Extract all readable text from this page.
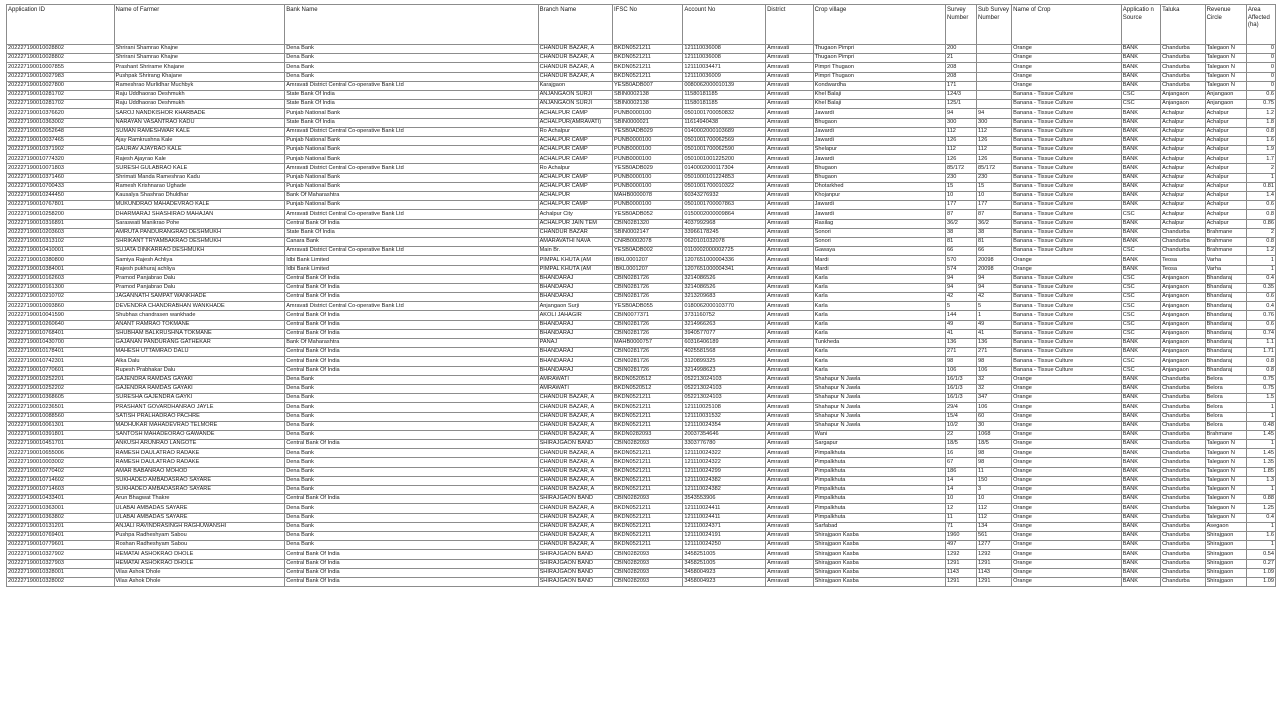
Application ID	Name of Farmer	Bank Name	Branch Name	IFSC No	Account No	District	Crop village	Survey Number	Sub Survey Number	Name of Crop	Applicatio n Source	Taluka	Revenue Circle	Area Affected (ha)
202227190010028802	Shrirani Shamrao Khajne	Dena Bank	CHANDUR BAZAR, A	BKDN0521211	121110036008	Amravati	Thugaon Pimpri	200		Orange	BANK	Chandurba	Talegaon N	0
202227190010028802	Shrirani Shamrao Khajne	Dena Bank	CHANDUR BAZAR, A	BKDN0521211	121110036008	Amravati	Thugaon Pimpri	21		Orange	BANK	Chandurba	Talegaon N	0
202227190010007855	Prashant Shrirame Khajane	Dena Bank	CHANDUR BAZAR, A	BKDN0521211	121110034471	Amravati	Pimpri Thugaon	208		Orange	BANK	Chandurba	Talegaon N	0
202227190010027983	Pushpak Shrirang Khajane	Dena Bank	CHANDUR BAZAR, A	BKDN0521211	121110036009	Amravati	Pimpri Thugaon	208		Orange	BANK	Chandurba	Talegaon N	0
202227190010027800	Rameshrao Murlidhar Muchbyk	Amravati District Central Co-operative Bank Ltd	Karajgaon	YESB0ADB007	0080062000010139	Amravati	Kondwardha	171		Orange	BANK	Chandurba	Talegaon N	0
202227190010281702	Raju Uddhaorao Deshmukh	State Bank Of India	ANJANGAON SURJI	SBIN0002138	11580181185	Amravati	Khel Balaji	124/3		Banana - Tissue Culture	CSC	Anjangaon	Anjangaon	0.6
202227190010281702	Raju Uddhaorao Deshmukh	State Bank Of India	ANJANGAON SURJI	SBIN0002138	11580181185	Amravati	Khel Balaji	125/1		Banana - Tissue Culture	CSC	Anjangaon	Anjangaon	0.75
202227190010376620	SAROJ NANDKISHOR KHARBADE	Punjab National Bank	ACHALPUR CAMP	PUNB0000100	0501001700050832	Amravati	Jawardi	94	94	Banana - Tissue Culture	BANK	Achalpur	Achalpur	1.2
202227190010363002	NARAYAN VASANTRAO KADU	State Bank Of India	ACHALPUR(AMRAVATI)	SBIN0000021	11614940438	Amravati	Bhugaon	300	300	Banana - Tissue Culture	BANK	Achalpur	Achalpur	1.8
202227190010052648	SUMAN RAMESHWAR KALE	Amravati District Central Co-operative Bank Ltd	Ro Achalpur	YESB0ADB029	0140002000103689	Amravati	Jawardi	112	112	Banana - Tissue Culture	BANK	Achalpur	Achalpur	0.8
202227190010037465	Ajay Ramkrushna Kale	Punjab National Bank	ACHALPUR CAMP	PUNB0000100	0501001700062569	Amravati	Jawardi	126	126	Banana - Tissue Culture	BANK	Achalpur	Achalpur	1.6
202227190010371902	GAURAV AJAYRAO KALE	Punjab National Bank	ACHALPUR CAMP	PUNB0000100	0501001700062590	Amravati	Shelapur	112	112	Banana - Tissue Culture	BANK	Achalpur	Achalpur	1.9
202227190010774320	Rajesh Ajayrao Kale	Punjab National Bank	ACHALPUR CAMP	PUNB0000100	0501001001225200	Amravati	Jawardi	126	126	Banana - Tissue Culture	BANK	Achalpur	Achalpur	1.7
202227190010071803	SURESH GULABRAO KALE	Amravati District Central Co-operative Bank Ltd	Ro Achalpur	YESB0ADB029	0140002000117304	Amravati	Bhugaon	85/172	85/172	Banana - Tissue Culture	BANK	Achalpur	Achalpur	2
202227190010371460	Shrimati Manda Rameshrao Kadu	Punjab National Bank	ACHALPUR CAMP	PUNB0000100	0501000101224853	Amravati	Bhugaon	230	230	Banana - Tissue Culture	BANK	Achalpur	Achalpur	1
202227190010700433	Ramesh Krishnarao Ughade	Punjab National Bank	ACHALPUR CAMP	PUNB0000100	0501001700010322	Amravati	Dhotarkhed	15	15	Banana - Tissue Culture	BANK	Achalpur	Achalpur	0.81
202227190010244450	Kausalya Shashrao Dhuldhar	Bank Of Maharashtra	ACHALPUR	MAHB0000078	60343276932	Amravati	Khojanpur	10	10	Banana - Tissue Culture	BANK	Achalpur	Achalpur	1.4
202227190010767801	MUKUNDRAO MAHADEVRAO KALE	Punjab National Bank	ACHALPUR CAMP	PUNB0000100	0501001700007863	Amravati	Jawardi	177	177	Banana - Tissue Culture	BANK	Achalpur	Achalpur	0.6
202227190010258200	DHARMARAJ SHASHIRAO MAHAJAN	Amravati District Central Co-operative Bank Ltd	Achalpur City	YESB0ADB052	0150002000009864	Amravati	Jawardi	87	87	Banana - Tissue Culture	CSC	Achalpur	Achalpur	0.8
202227190010316891	Saraswati Manikrao Pohe	Central Bank Of India	ACHALPUR JAIN TEM	CBIN0281320	4037992968	Amravati	Rasilag	36/2	36/2	Banana - Tissue Culture	BANK	Achalpur	Achalpur	0.86
202227190010203603	AMRUTA PANDURANGRAO DESHMUKH	State Bank Of India	CHANDUR BAZAR	SBIN0002147	33966178245	Amravati	Sonori	38	38	Banana - Tissue Culture	BANK	Chandurba	Brahmane	2
202227190010313102	SHRIKANT TRYAMBAKRAO DESHMUKH	Canara Bank	AMARAVATHI NAVA	CNRB0002078	0620101032078	Amravati	Sonori	81	81	Banana - Tissue Culture	BANK	Chandurba	Brahmane	0.8
202227190010410001	SUJATA DINKARRAO DESHMUKH	Amravati District Central Co-operative Bank Ltd	Main Br.	YESB0ADB002	0110002000002725	Amravati	Gawaya	66	66	Banana - Tissue Culture	CSC	Chandurba	Brahmane	1.2
202227190010380800	Samiya Rajesh Achliya	Idbi Bank Limited	PIMPAL KHUTA (AM	IBKL0001207	1207651000004336	Amravati	Mardi	570	20098	Orange	BANK	Teosa	Varha	1
202227190010384001	Rajesh pukhuraj achliya	Idbi Bank Limited	PIMPAL KHUTA (AM	IBKL0001207	1207651000004341	Amravati	Mardi	574	20098	Orange	BANK	Teosa	Varha	1
202227190010162603	Pramod Panjabrao Dalu	Central Bank Of India	BHANDARAJ	CBIN0281726	3214086526	Amravati	Karla	94	94	Banana - Tissue Culture	CSC	Anjangaon	Bhandaraj	0.4
202227190010161300	Pramod Panjabrao Dalu	Central Bank Of India	BHANDARAJ	CBIN0281726	3214086526	Amravati	Karla	94	94	Banana - Tissue Culture	CSC	Anjangaon	Bhandaraj	0.35
202227190010210702	JAGANNATH SAMPAT WANKHADE	Central Bank Of India	BHANDARAJ	CBIN0281726	3213209683	Amravati	Karla	42	42	Banana - Tissue Culture	CSC	Anjangaon	Bhandaraj	0.6
202227190010093860	DEVENDRA CHANDRABHAN WANKHADE	Amravati District Central Co-operative Bank Ltd	Anjangaon Surji	YESB0ADB055	0180062000103770	Amravati	Karla	5	5	Banana - Tissue Culture	CSC	Anjangaon	Bhandaraj	0.4
202227190010041590	Shubhas chandrasen wankhade	Central Bank Of India	AKOLI JAHAGIR	CBIN0077371	3731160752	Amravati	Karla	144	1	Banana - Tissue Culture	CSC	Anjangaon	Bhandaraj	0.76
202227190010260640	ANANT RAMRAO TOKMANE	Central Bank Of India	BHANDARAJ	CBIN0281726	3214966263	Amravati	Karla	49	49	Banana - Tissue Culture	CSC	Anjangaon	Bhandaraj	0.6
202227190010768401	SHUBHAM BALKRUSHNA TOKMANE	Central Bank Of India	BHANDARAJ	CBIN0281726	3940577077	Amravati	Karla	41	41	Banana - Tissue Culture	CSC	Anjangaon	Bhandaraj	0.74
202227190010430700	GAJANAN PANDURANG GATHEKAR	Bank Of Maharashtra	PANAJ	MAHB0000757	60316406189	Amravati	Tunkheda	136	136	Banana - Tissue Culture	BANK	Anjangaon	Bhandaraj	1.1
202227190010178401	MAHESH UTTAMRAO DALU	Central Bank Of India	BHANDARAJ	CBIN0281726	4025581568	Amravati	Karla	271	271	Banana - Tissue Culture	BANK	Anjangaon	Bhandaraj	1.71
202227190010742301	Alka Dalu	Central Bank Of India	BHANDARAJ	CBIN0281726	3120899325	Amravati	Karla	98	98	Banana - Tissue Culture	CSC	Anjangaon	Bhandaraj	0.8
202227190010770601	Rupesh Prabhakar Dalu	Central Bank Of India	BHANDARAJ	CBIN0281726	3214998623	Amravati	Karla	106	106	Banana - Tissue Culture	CSC	Anjangaon	Bhandaraj	0.8
202227190010252201	GAJENDRA RAMDAS GAYAKI	Dena Bank	AMRAWATI	BKDN0520512	052213024103	Amravati	Shahapur N Jawla	16/1/3	32	Orange	BANK	Chandurba	Belora	0.75
202227190010252202	GAJENDRA RAMDAS GAYAKI	Dena Bank	AMRAWATI	BKDN0520512	052213024103	Amravati	Shahapur N Jawla	16/1/3	32	Orange	BANK	Chandurba	Belora	0.75
202227190010368605	SURESHA GAJENDRA GAYKI	Dena Bank	CHANDUR BAZAR, A	BKDN0521211	052213024103	Amravati	Shahapur N Jawla	16/1/3	347	Orange	BANK	Chandurba	Belora	1.5
202227190010236501	PRASHANT GOVARDHANRAO JAYLE	Dena Bank	CHANDUR BAZAR, A	BKDN0521211	121110025108	Amravati	Shahapur N Jawla	29/4	106	Orange	BANK	Chandurba	Belora	1
202227190010088560	SATISH PRALHADRAO PACHRE	Dena Bank	CHANDUR BAZAR, A	BKDN0521211	121110031532	Amravati	Shahapur N Jawla	15/4	60	Orange	BANK	Chandurba	Belora	1
202227190010061301	MADHUKAR MAHADEVRAO TELMORE	Dena Bank	CHANDUR BAZAR, A	BKDN0521211	121110024354	Amravati	Shahapur N Jawla	10/2	30	Orange	BANK	Chandurba	Belora	0.48
202227190010391801	SANTOSH MAHADEORAO GAWANDE	Dena Bank	CHANDUR BAZAR, A	BKDN0282093	20037354646	Amravati	Wani	22	1068	Orange	BANK	Chandurba	Brahmane	1.45
202227190010451701	ANKUSH ARUNRAO LANGOTE	Central Bank Of India	SHIRAJGAON BAND	CBIN0282093	3303776780	Amravati	Sargapur	18/5	18/5	Orange	BANK	Chandurba	Talegaon N	1
202227190010655006	RAMESH DAULATRAO RADAKE	Dena Bank	CHANDUR BAZAR, A	BKDN0521211	121110024322	Amravati	Pimpalkhuta	16	98	Orange	BANK	Chandurba	Talegaon N	1.45
202227190010003002	RAMESH DAULATRAO RADAKE	Dena Bank	CHANDUR BAZAR, A	BKDN0521211	121110024322	Amravati	Pimpalkhuta	67	98	Orange	BANK	Chandurba	Talegaon N	1.35
202227190010770402	AMAR BABANRAO MOHOD	Dena Bank	CHANDUR BAZAR, A	BKDN0521211	121110024299	Amravati	Pimpalkhuta	186	11	Orange	BANK	Chandurba	Talegaon N	1.85
202227190010714602	SUKHADEO AMBADASRAO SAYARE	Dena Bank	CHANDUR BAZAR, A	BKDN0521211	121110024382	Amravati	Pimpalkhuta	14	150	Orange	BANK	Chandurba	Talegaon N	1.3
202227190010714603	SUKHADEO AMBADASRAO SAYARE	Dena Bank	CHANDUR BAZAR, A	BKDN0521211	121110024382	Amravati	Pimpalkhuta	14	3	Orange	BANK	Chandurba	Talegaon N	1
202227190010433401	Arun Bhagwat Thakre	Central Bank Of India	SHIRAJGAON BAND	CBIN0282093	3543553906	Amravati	Pimpalkhuta	10	10	Orange	BANK	Chandurba	Talegaon N	0.88
202227190010363001	ULABAI AMBADAS SAYARE	Dena Bank	CHANDUR BAZAR, A	BKDN0521211	121110024411	Amravati	Pimpalkhuta	12	112	Orange	BANK	Chandurba	Talegaon N	1.25
202227190010363802	ULABAI AMBADAS SAYARE	Dena Bank	CHANDUR BAZAR, A	BKDN0521211	121110024411	Amravati	Pimpalkhuta	11	112	Orange	BANK	Chandurba	Talegaon N	0.4
202227190010131201	ANJALI RAVINDRASINGH RAGHUWANSHI	Dena Bank	CHANDUR BAZAR, A	BKDN0521211	121110024371	Amravati	Sarfabad	71	134	Orange	BANK	Chandurba	Asegaon	1
202227190010769401	Pushpa Radheshyam Sabou	Dena Bank	CHANDUR BAZAR, A	BKDN0521211	121110024191	Amravati	Shirajgaon Kasba	1960	561	Orange	BANK	Chandurba	Shirajgaon	1.6
202227190010779601	Roshan Radheshyam Sabou	Dena Bank	CHANDUR BAZAR, A	BKDN0521211	121110024250	Amravati	Shirajgaon Kasba	497	1277	Orange	BANK	Chandurba	Shirajgaon	1
202227190010327902	HEMATAI ASHOKRAO DHOLE	Central Bank Of India	SHIRAJGAON BAND	CBIN0282093	3458251005	Amravati	Shirajgaon Kasba	1292	1292	Orange	BANK	Chandurba	Shirajgaon	0.54
202227190010327903	HEMATAI ASHOKRAO DHOLE	Central Bank Of India	SHIRAJGAON BAND	CBIN0282093	3458251005	Amravati	Shirajgaon Kasba	1291	1291	Orange	BANK	Chandurba	Shirajgaon	0.27
202227190010328001	Vilas Ashok Dhole	Central Bank Of India	SHIRAJGAON BAND	CBIN0282093	3458004923	Amravati	Shirajgaon Kasba	1143	1143	Orange	BANK	Chandurba	Shirajgaon	1.09
202227190010328002	Vilas Ashok Dhole	Central Bank Of India	SHIRAJGAON BAND	CBIN0282093	3458004923	Amravati	Shirajgaon Kasba	1291	1291	Orange	BANK	Chandurba	Shirajgaon	1.09
